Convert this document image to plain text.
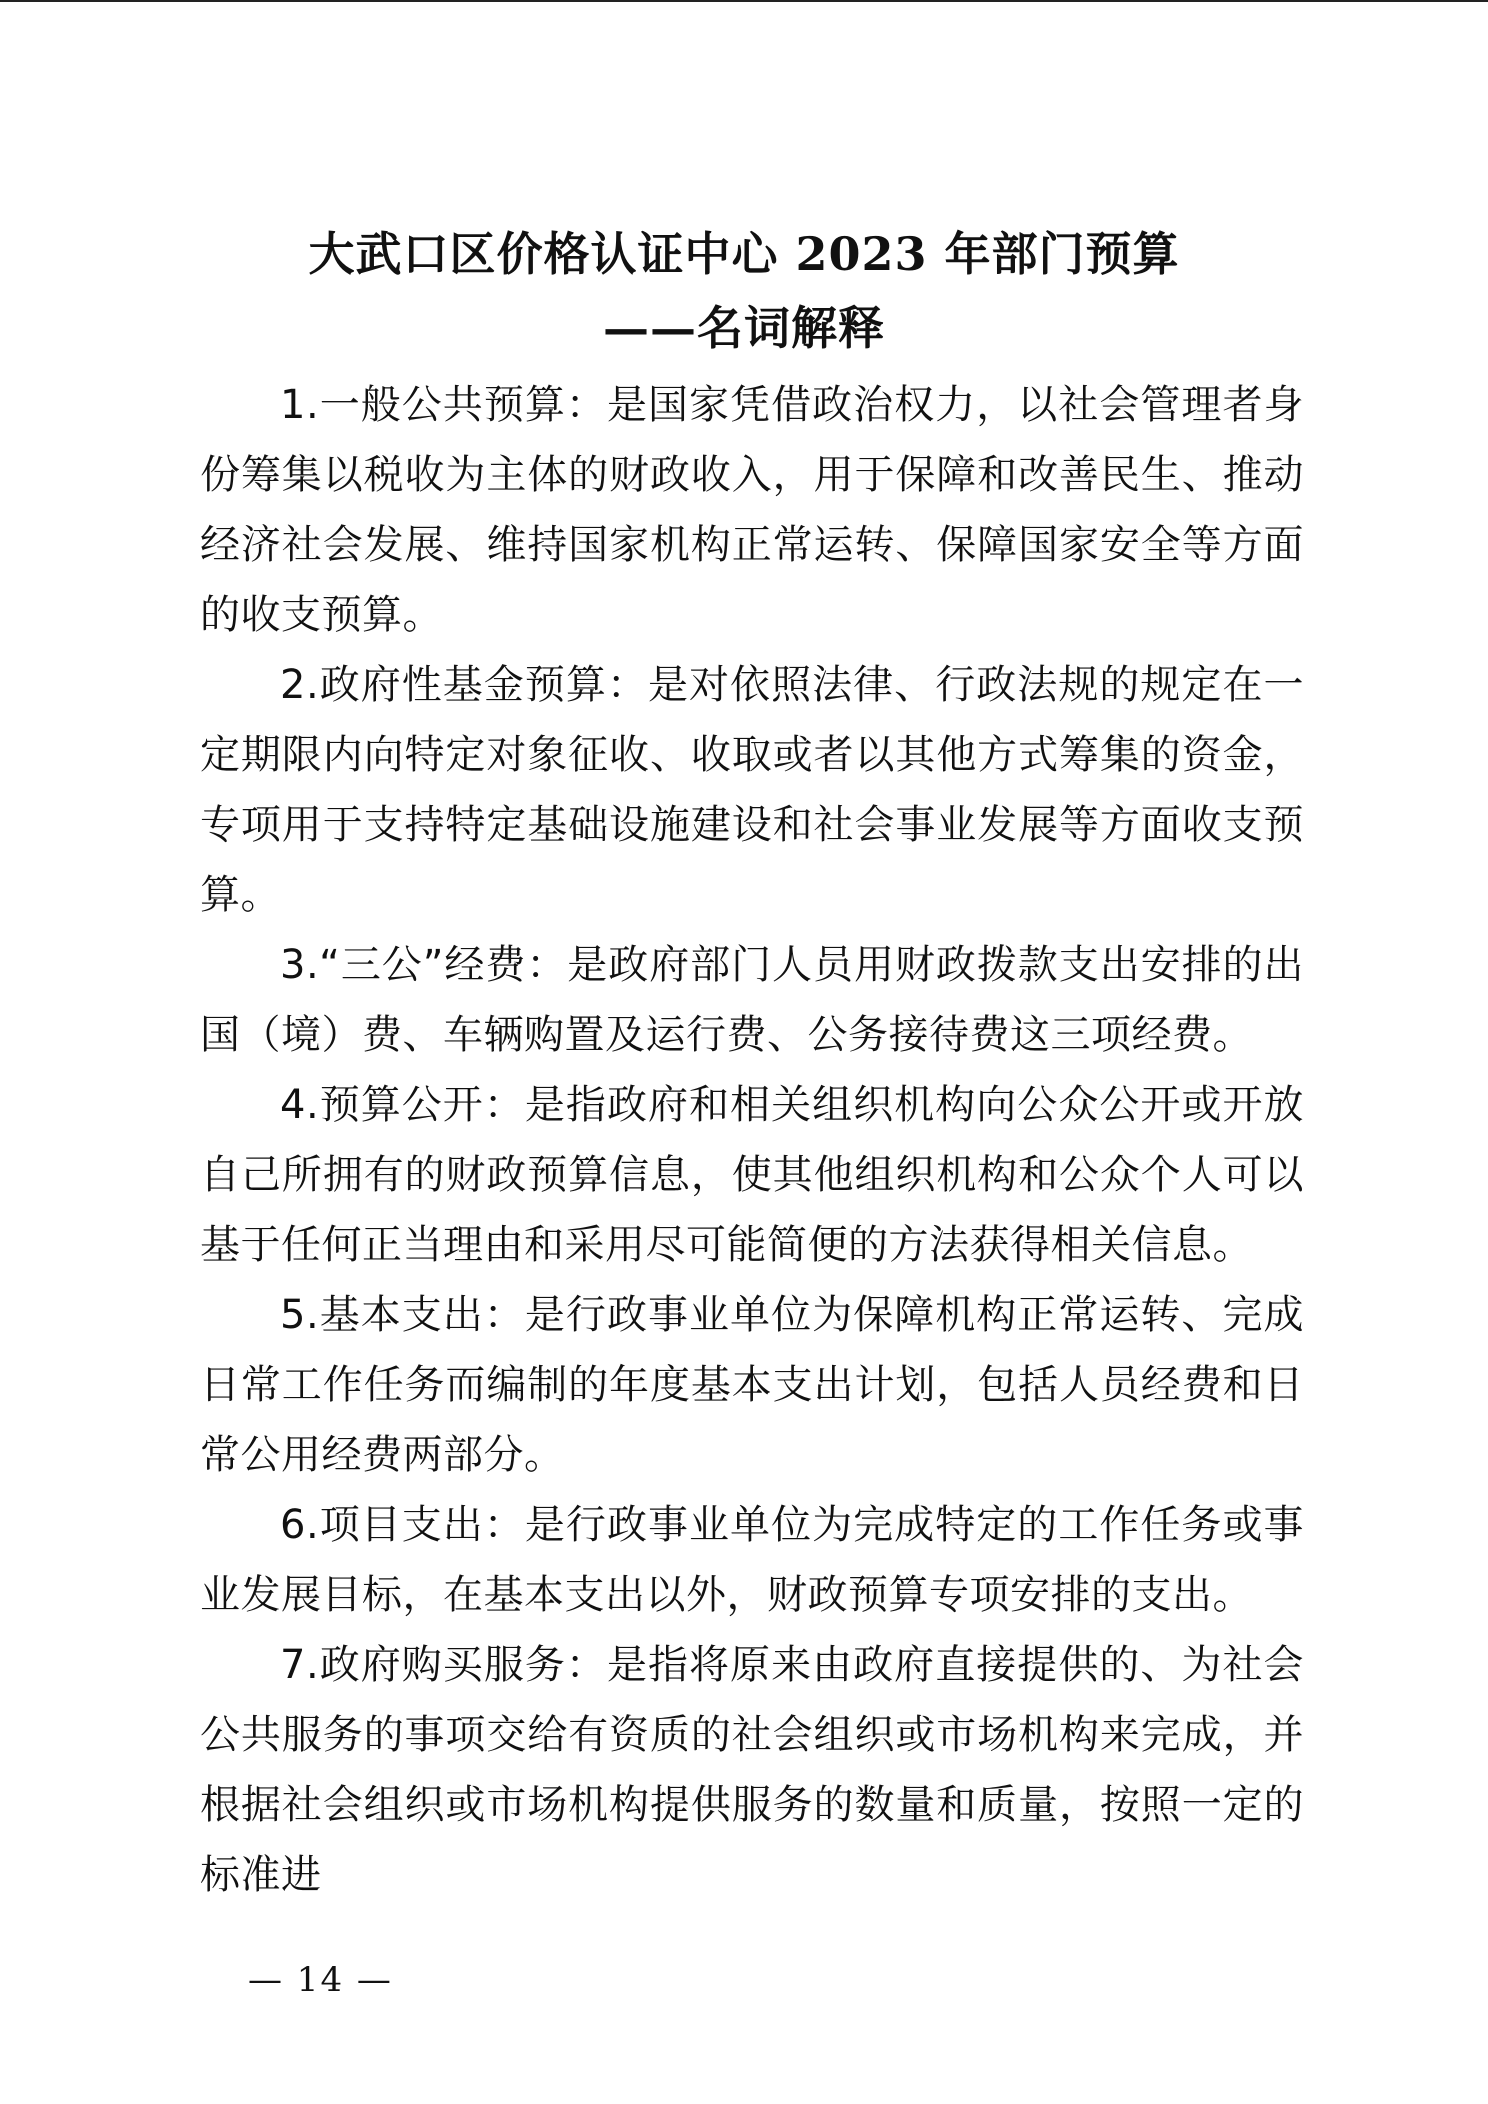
大武口区价格认证中心 2023 年部门预算
——名词解释

1.一般公共预算：是国家凭借政治权力，以社会管理者身份筹集以税收为主体的财政收入，用于保障和改善民生、推动经济社会发展、维持国家机构正常运转、保障国家安全等方面的收支预算。

2.政府性基金预算：是对依照法律、行政法规的规定在一定期限内向特定对象征收、收取或者以其他方式筹集的资金，专项用于支持特定基础设施建设和社会事业发展等方面收支预算。

3.“三公”经费：是政府部门人员用财政拨款支出安排的出国（境）费、车辆购置及运行费、公务接待费这三项经费。

4.预算公开：是指政府和相关组织机构向公众公开或开放自己所拥有的财政预算信息，使其他组织机构和公众个人可以基于任何正当理由和采用尽可能简便的方法获得相关信息。

5.基本支出：是行政事业单位为保障机构正常运转、完成日常工作任务而编制的年度基本支出计划，包括人员经费和日常公用经费两部分。

6.项目支出：是行政事业单位为完成特定的工作任务或事业发展目标，在基本支出以外，财政预算专项安排的支出。

7.政府购买服务：是指将原来由政府直接提供的、为社会公共服务的事项交给有资质的社会组织或市场机构来完成，并根据社会组织或市场机构提供服务的数量和质量，按照一定的标准进

— 14 —
